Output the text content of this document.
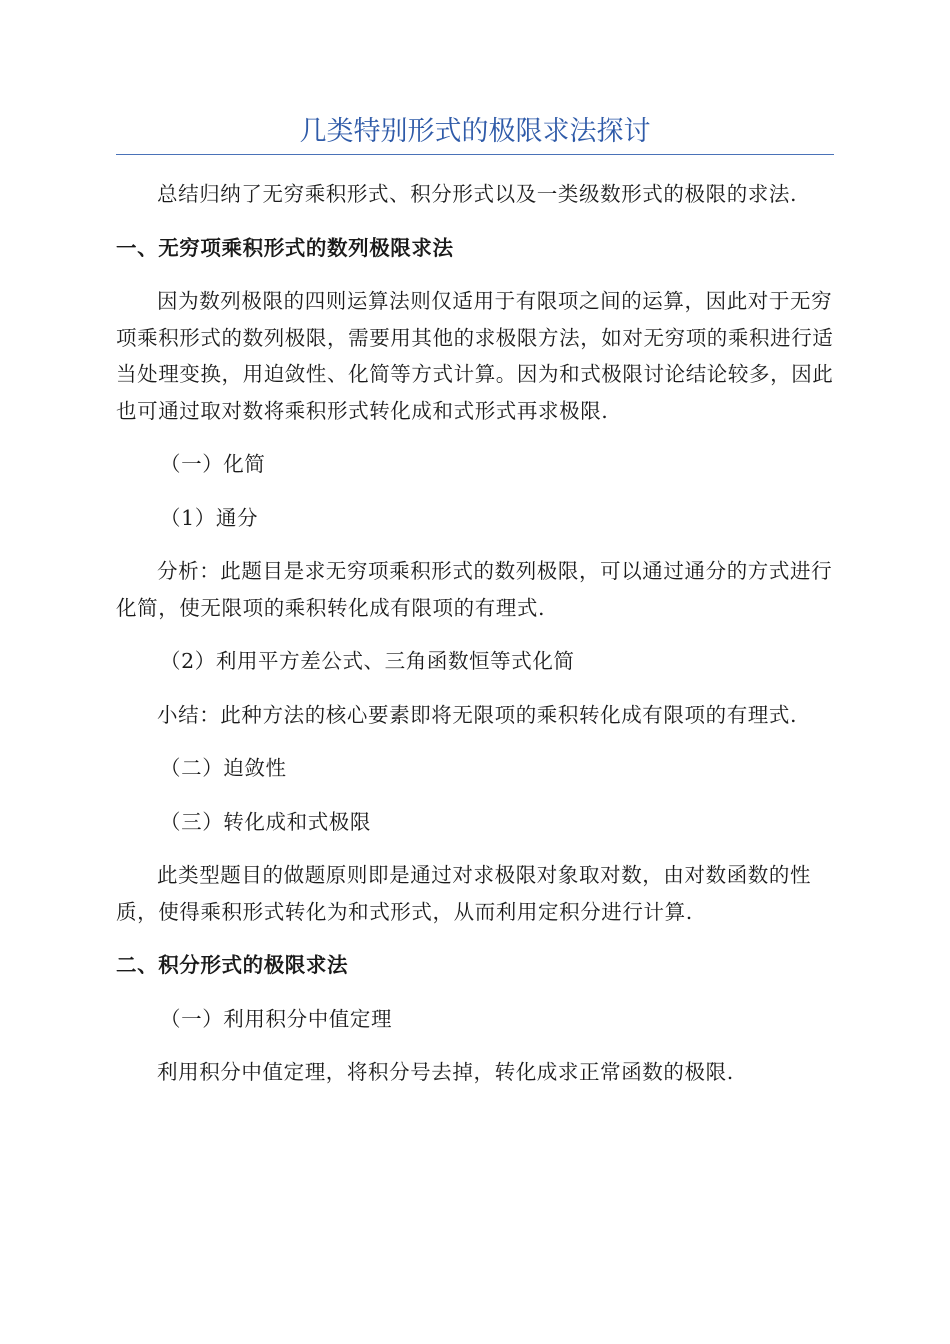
几类特别形式的极限求法探讨

总结归纳了无穷乘积形式、积分形式以及一类级数形式的极限的求法.

一、无穷项乘积形式的数列极限求法

因为数列极限的四则运算法则仅适用于有限项之间的运算，因此对于无穷项乘积形式的数列极限，需要用其他的求极限方法，如对无穷项的乘积进行适当处理变换，用迫敛性、化简等方式计算。因为和式极限讨论结论较多，因此也可通过取对数将乘积形式转化成和式形式再求极限.

（一）化简

（1）通分

分析：此题目是求无穷项乘积形式的数列极限，可以通过通分的方式进行化简，使无限项的乘积转化成有限项的有理式.

（2）利用平方差公式、三角函数恒等式化简

小结：此种方法的核心要素即将无限项的乘积转化成有限项的有理式.

（二）迫敛性

（三）转化成和式极限

此类型题目的做题原则即是通过对求极限对象取对数，由对数函数的性质，使得乘积形式转化为和式形式，从而利用定积分进行计算.

二、积分形式的极限求法

（一）利用积分中值定理

利用积分中值定理，将积分号去掉，转化成求正常函数的极限.
